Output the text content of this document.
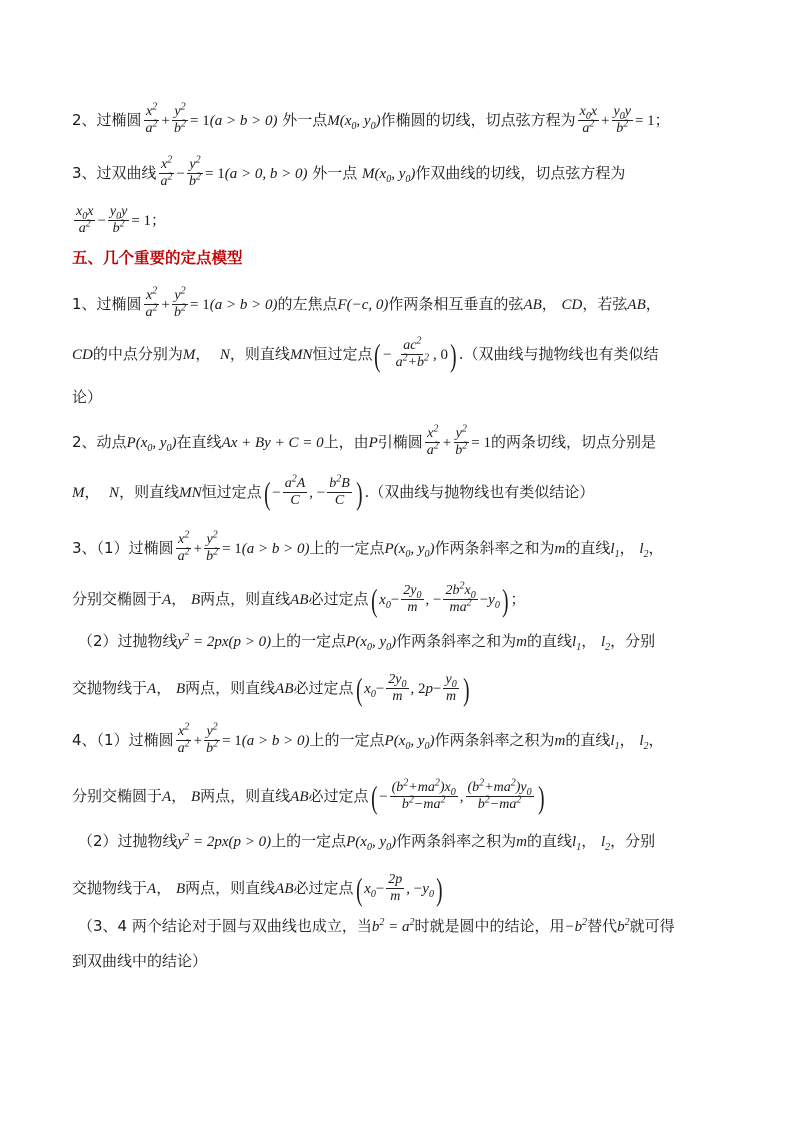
2、过椭圆 $\frac{x^2}{a^2} + \frac{y^2}{b^2} = 1(a > b > 0)$ 外一点$M(x_0$, $y_0$)作椭圆的切线，切点弦方程为 $\frac{x_0x}{a^2} + \frac{y_0y}{b^2} = 1$；
3、过双曲线 $\frac{x^2}{a^2} - \frac{y^2}{b^2} = 1(a > 0$, b > 0) 外一点 $M(x_0$, $y_0$)作双曲线的切线，切点弦方程为
$\frac{x_0x}{a^2} - \frac{y_0y}{b^2} = 1$；
五、几个重要的定点模型
1、过椭圆 $\frac{x^2}{a^2} + \frac{y^2}{b^2} = 1(a > b > 0)$的左焦点F(−c, 0)作两条相互垂直的弦AB， CD，若弦AB，
CD的中点分别为M，  N，则直线MN恒过定点( − $\frac{ac^2}{a^2+b^2}$ , 0) .（双曲线与抛物线也有类似结
论）
2、动点$P(x_0$, $y_0$)在直线Ax + By + C = 0上，由P引椭圆 $\frac{x^2}{a^2} + \frac{y^2}{b^2} = 1$的两条切线，切点分别是
M，  N，则直线MN恒过定点( − $\frac{a^2A}{C}$ , − $\frac{b^2B}{C}$ ) .（双曲线与抛物线也有类似结论）
3、（1）过椭圆 $\frac{x^2}{a^2} + \frac{y^2}{b^2} = 1(a > b > 0)$上的一定点$P(x_0$, $y_0$)作两条斜率之和为m的直线$l_1$， $l_2$，
分别交椭圆于A， B两点，则直线AB必过定点( $x_0- \frac{2y_0}{m}$ , − $\frac{2b^2x_0}{ma^2} -y_0$) ；
（2）过抛物线$y^2 = 2px(p > 0)$上的一定点$P(x_0$, $y_0$)作两条斜率之和为m的直线$l_1$， $l_2$，分别
交抛物线于A， B两点，则直线AB必过定点( $x_0- \frac{2y_0}{m}$ , $2p- \frac{y_0}{m}$ )
4、（1）过椭圆 $\frac{x^2}{a^2} + \frac{y^2}{b^2} = 1(a > b > 0)$上的一定点$P(x_0$, $y_0$)作两条斜率之积为m的直线$l_1$， $l_2$，
分别交椭圆于A， B两点，则直线AB必过定点( − $\frac{(b^2+ma^2)x_0}{b^2-ma^2}$ , $\frac{(b^2+ma^2)y_0}{b^2-ma^2}$ )
（2）过抛物线$y^2 = 2px(p > 0)$上的一定点$P(x_0$, $y_0$)作两条斜率之积为m的直线$l_1$， $l_2$，分别
交抛物线于A， B两点，则直线AB必过定点( $x_0- \frac{2p}{m}$ , $-y_0$)
（3、4 两个结论对于圆与双曲线也成立，当$b^2 = a^2$时就是圆中的结论，用$-b^2$替代$b^2$就可得
到双曲线中的结论）
